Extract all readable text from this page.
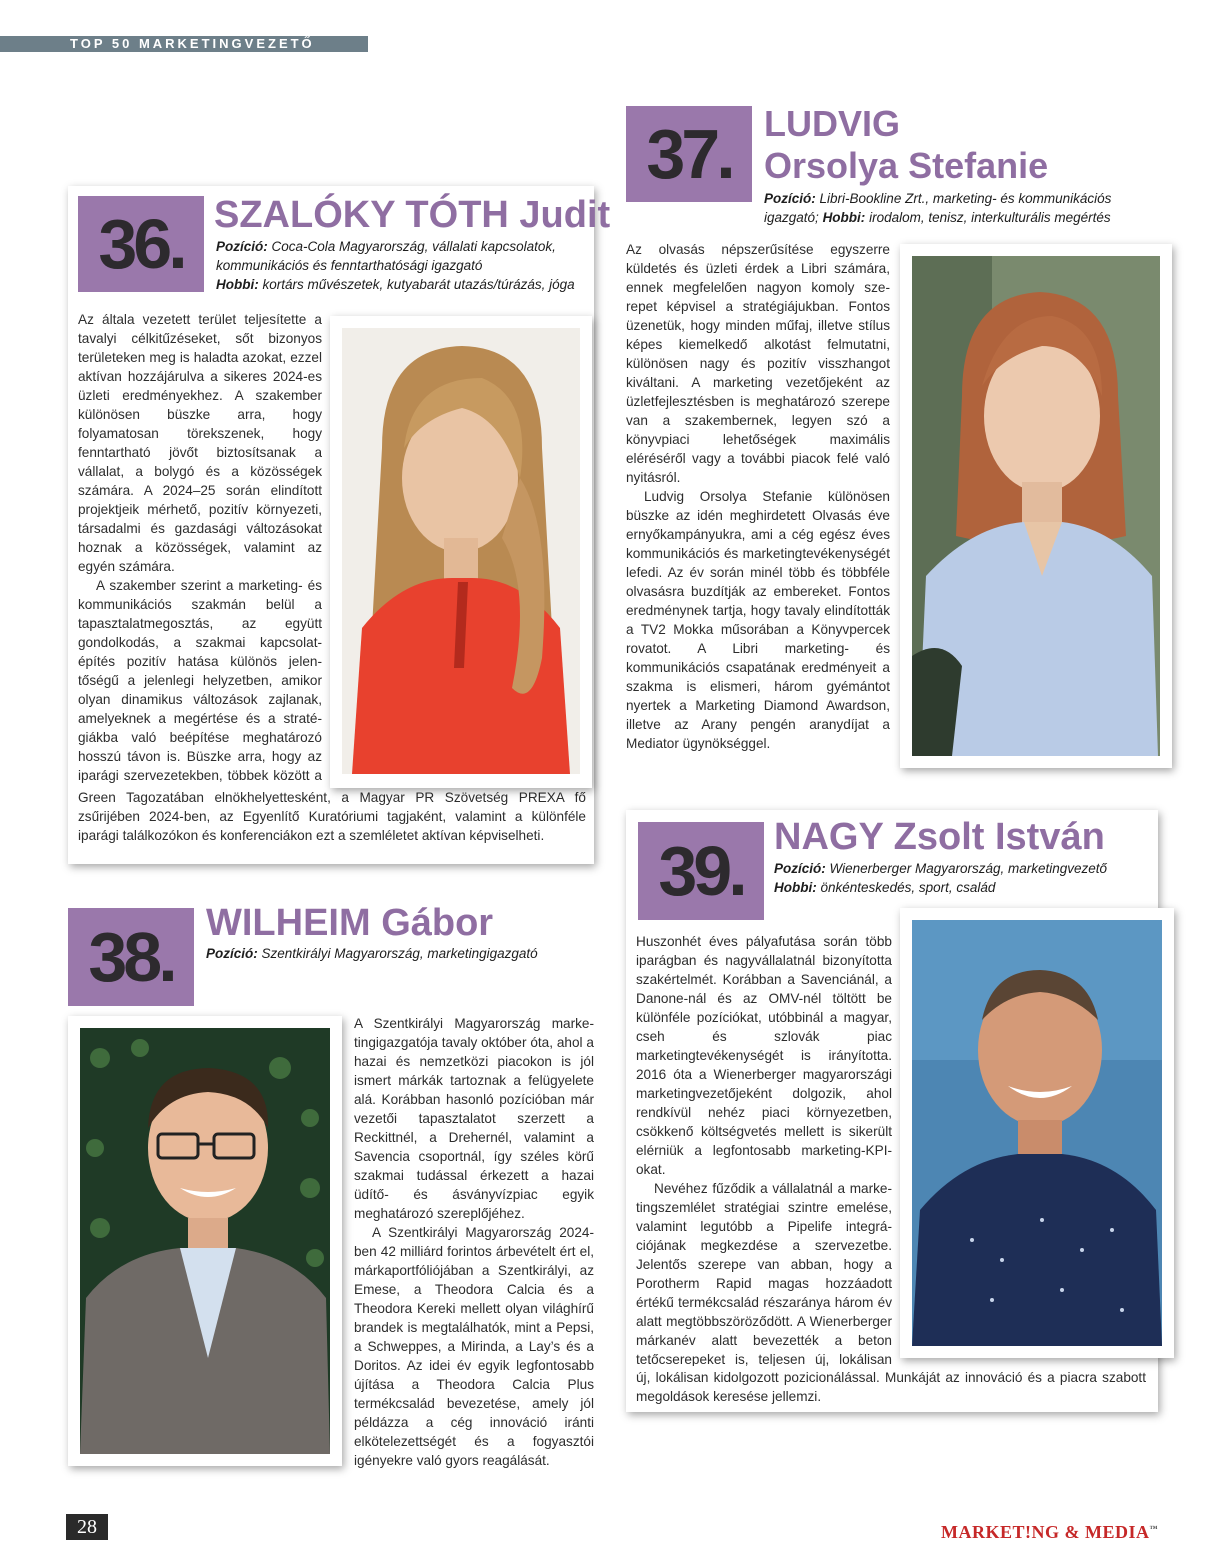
TOP 50 MARKETINGVEZETŐ
36. SZALÓKY TÓTH Judit
Pozíció: Coca-Cola Magyarország, vállalati kapcsolatok,
kommunikációs és fenntarthatósági igazgató
Hobbi: kortárs művészetek, kutyabarát utazás/túrázás, jóga

Az általa vezetett terület teljesítette a tavalyi célkitűzéseket, sőt bizonyos területeken meg is haladta azokat, ezzel aktívan hozzájárulva a sikeres 2024-es üzleti eredményekhez. A szakember különösen büszke arra, hogy folyamatosan törekszenek, hogy fenntartható jövőt biztosítsanak a vállalat, a bolygó és a közösségek számára. A 2024–25 során elindított projektjeik mérhető, pozitív környezeti, társadalmi és gazdasági változásokat hoznak a közösségek, valamint az egyén számára.

A szakember szerint a marketing- és kommunikációs szakmán belül a tapasztalatmegosztás, az együtt gondolkodás, a szakmai kapcsolatépítés pozitív hatása különös jelentőségű a jelenlegi helyzetben, amikor olyan dinamikus változások zajlanak, amelyeknek a megértése és a stratégiákba való beépítése meghatározó hosszú távon is. Büszke arra, hogy az iparági szervezetekben, többek között a

Green Tagozatában elnökhelyettesként, a Magyar PR Szövetség PREXA fő zsűrijében 2024-ben, az Egyenlítő Kuratóriumi tagjaként, valamint a különféle iparági találkozókon és konferenciákon ezt a szemléletet aktívan képviselheti.

37. LUDVIG
Orsolya Stefanie
Pozíció: Libri-Bookline Zrt., marketing- és kommunikációs
igazgató; Hobbi: irodalom, tenisz, interkulturális megértés

Az olvasás népszerűsítése egyszerre küldetés és üzleti érdek a Libri számára, ennek megfelelően nagyon komoly szerepet képvisel a stratégiájukban. Fontos üzenetük, hogy minden műfaj, illetve stílus képes kiemelkedő alkotást felmutatni, különösen nagy és pozitív visszhangot kiváltani. A marketing vezetőjeként az üzletfejlesztésben is meghatározó szerepe van a szakembernek, legyen szó a könyvpiaci lehetőségek maximális eléréséről vagy a további piacok felé való nyitásról.

Ludvig Orsolya Stefanie különösen büszke az idén meghirdetett Olvasás éve ernyőkampányukra, ami a cég egész éves kommunikációs és marketingtevékenységét lefedi. Az év során minél több és többféle olvasásra buzdítják az embereket. Fontos eredménynek tartja, hogy tavaly elindították a TV2 Mokka műsorában a Könyvpercek rovatot. A Libri marketing- és kommunikációs csapatának eredményeit a szakma is elismeri, három gyémántot nyertek a Marketing Diamond Awardson, illetve az Arany pengén aranydíjat a Mediator ügynökséggel.

38. WILHEIM Gábor
Pozíció: Szentkirályi Magyarország, marketingigazgató

A Szentkirályi Magyarország marketingigazgatója tavaly október óta, ahol a hazai és nemzetközi piacokon is jól ismert márkák tartoznak a felügyelete alá. Korábban hasonló pozícióban már vezetői tapasztalatot szerzett a Reckittnél, a Drehernél, valamint a Savencia csoportnál, így széles körű szakmai tudással érkezett a hazai üdítő- és ásványvízpiac egyik meghatározó szereplőjéhez.

A Szentkirályi Magyarország 2024-ben 42 milliárd forintos árbevételt ért el, márkaportfóliójában a Szentkirályi, az Emese, a Theodora Calcia és a Theodora Kereki mellett olyan világhírű brandek is megtalálhatók, mint a Pepsi, a Schweppes, a Mirinda, a Lay’s és a Doritos. Az idei év egyik legfontosabb újítása a Theodora Calcia Plus termékcsalád bevezetése, amely jól példázza a cég innováció iránti elkötelezettségét és a fogyasztói igényekre való gyors reagálását.

39. NAGY Zsolt István
Pozíció: Wienerberger Magyarország, marketingvezető
Hobbi: önkénteskedés, sport, család

Huszonhét éves pályafutása során több iparágban és nagyvállalatnál bizonyította szakértelmét. Korábban a Savenciánál, a Danone-nál és az OMV-nél töltött be különféle pozíciókat, utóbbinál a magyar, cseh és szlovák piac marketingtevékenységét is irányította. 2016 óta a Wienerberger magyarországi marketingvezetőjeként dolgozik, ahol rendkívül nehéz piaci környezetben, csökkenő költségvetés mellett is sikerült elérniük a legfontosabb marketing-KPI-okat.

Nevéhez fűződik a vállalatnál a marketingszemlélet stratégiai szintre emelése, valamint legutóbb a Pipelife integrációjának megkezdése a szervezetbe. Jelentős szerepe van abban, hogy a Porotherm Rapid magas hozzáadott értékű termékcsalád részaránya három év alatt megtöbbszöröződött. A Wienerberger márkanév alatt bevezették a beton tetőcserepeket is, teljesen új, lokálisan

új, lokálisan kidolgozott pozicionálással. Munkáját az innováció és a piacra szabott megoldások keresése jellemzi.

28	MARKET!NG & MEDIA™
